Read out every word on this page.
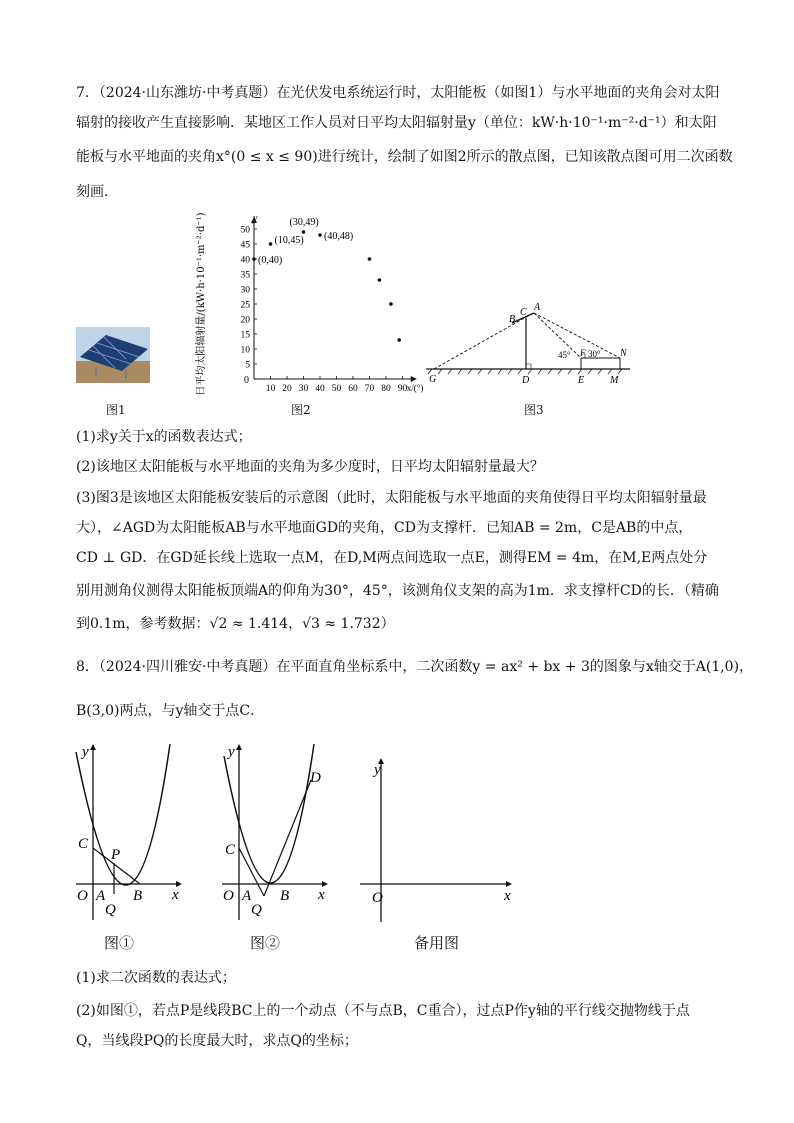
7．（2024·山东潍坊·中考真题）在光伏发电系统运行时，太阳能板（如图1）与水平地面的夹角会对太阳
辐射的接收产生直接影响．某地区工作人员对日平均太阳辐射量y（单位：kW·h·10⁻¹·m⁻²·d⁻¹）和太阳
能板与水平地面的夹角x°(0 ≤ x ≤ 90)进行统计，绘制了如图2所示的散点图，已知该散点图可用二次函数
刻画．
图1
y
x/(°)
0
10 20 30 40 50 60 70 80 90
5
10
15
20
25
30
35
40
45
50
日平均太阳辐射量/(kW·h·10⁻¹·m⁻²·d⁻¹)	(0,40)
(10,45)
(30,49)
(40,48)
图2
B
C A
D	E	M
G
F	N
45° 30°
图3
(1)求y关于x的函数表达式；
(2)该地区太阳能板与水平地面的夹角为多少度时，日平均太阳辐射量最大？
(3)图3是该地区太阳能板安装后的示意图（此时，太阳能板与水平地面的夹角使得日平均太阳辐射量最
大），∠AGD为太阳能板AB与水平地面GD的夹角，CD为支撑杆．已知AB = 2m，C是AB的中点，
CD ⊥ GD．在GD延长线上选取一点M，在D,M两点间选取一点E，测得EM = 4m，在M,E两点处分
别用测角仪测得太阳能板顶端A的仰角为30°，45°，该测角仪支架的高为1m．求支撑杆CD的长．（精确
到0.1m，参考数据：√2 ≈ 1.414，√3 ≈ 1.732）
8．（2024·四川雅安·中考真题）在平面直角坐标系中，二次函数y = ax² + bx + 3的图象与x轴交于A(1,0)，
B(3,0)两点，与y轴交于点C．
C
P
O A B
Q
x
y
图①
C
D
O A B
Q
x
y
图②
y
x
O
备用图
(1)求二次函数的表达式；
(2)如图①，若点P是线段BC上的一个动点（不与点B，C重合），过点P作y轴的平行线交抛物线于点
Q，当线段PQ的长度最大时，求点Q的坐标；
